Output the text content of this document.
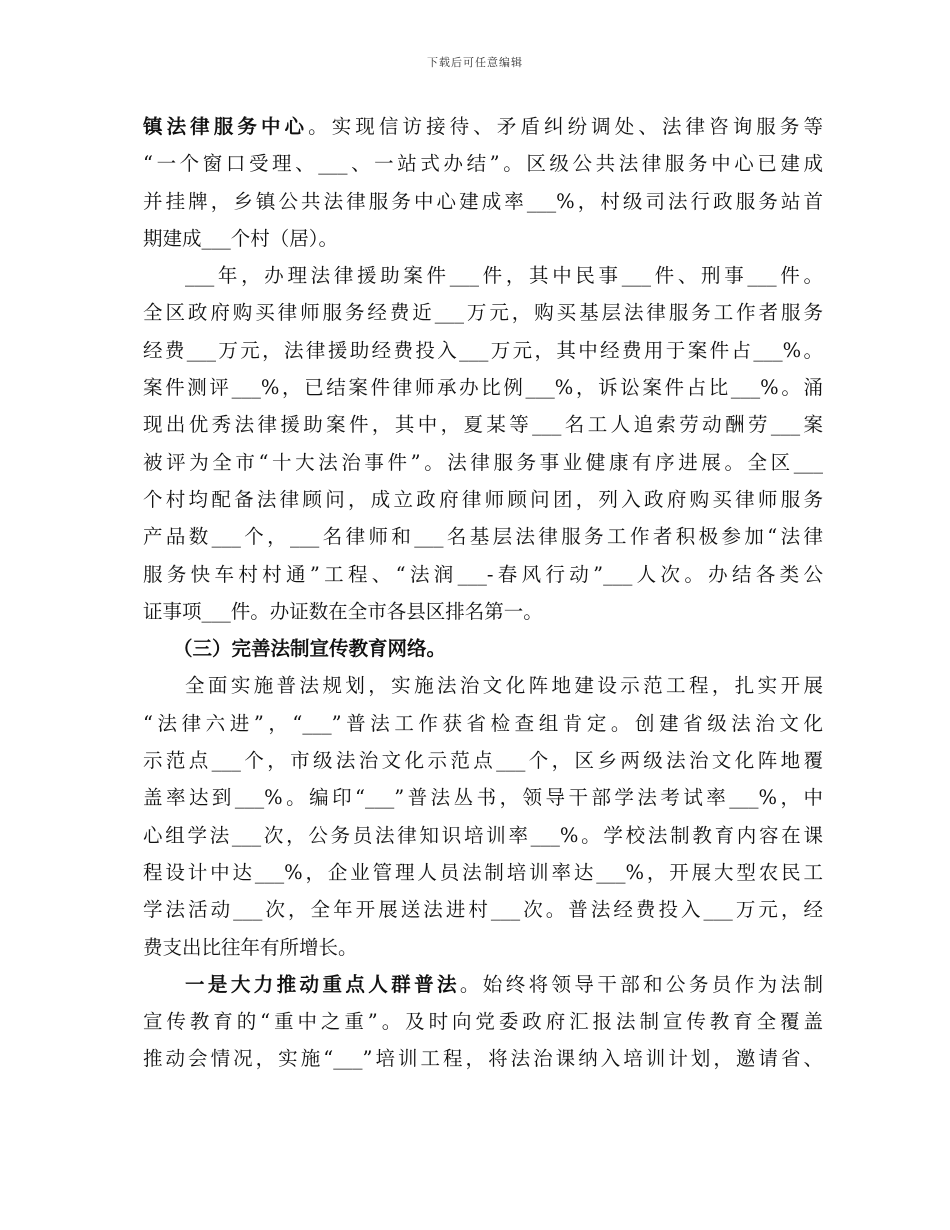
下载后可任意编辑
镇法律服务中心。实现信访接待、矛盾纠纷调处、法律咨询服务等
“一个窗口受理、___、一站式办结”。区级公共法律服务中心已建成
并挂牌，乡镇公共法律服务中心建成率___%，村级司法行政服务站首
期建成___个村（居）。
___年，办理法律援助案件___件，其中民事___件、刑事___件。
全区政府购买律师服务经费近___万元，购买基层法律服务工作者服务
经费___万元，法律援助经费投入___万元，其中经费用于案件占___%。
案件测评___%，已结案件律师承办比例___%，诉讼案件占比___%。涌
现出优秀法律援助案件，其中，夏某等___名工人追索劳动酬劳___案
被评为全市“十大法治事件”。法律服务事业健康有序进展。全区___
个村均配备法律顾问，成立政府律师顾问团，列入政府购买律师服务
产品数___个，___名律师和___名基层法律服务工作者积极参加“法律
服务快车村村通”工程、“法润___-春风行动”___人次。办结各类公
证事项___件。办证数在全市各县区排名第一。
（三）完善法制宣传教育网络。
全面实施普法规划，实施法治文化阵地建设示范工程，扎实开展
“法律六进”，“___”普法工作获省检查组肯定。创建省级法治文化
示范点___个，市级法治文化示范点___个，区乡两级法治文化阵地覆
盖率达到___%。编印“___”普法丛书，领导干部学法考试率___%，中
心组学法___次，公务员法律知识培训率___%。学校法制教育内容在课
程设计中达___%，企业管理人员法制培训率达___%，开展大型农民工
学法活动___次，全年开展送法进村___次。普法经费投入___万元，经
费支出比往年有所增长。
一是大力推动重点人群普法。始终将领导干部和公务员作为法制
宣传教育的“重中之重”。及时向党委政府汇报法制宣传教育全覆盖
推动会情况，实施“___”培训工程，将法治课纳入培训计划，邀请省、
